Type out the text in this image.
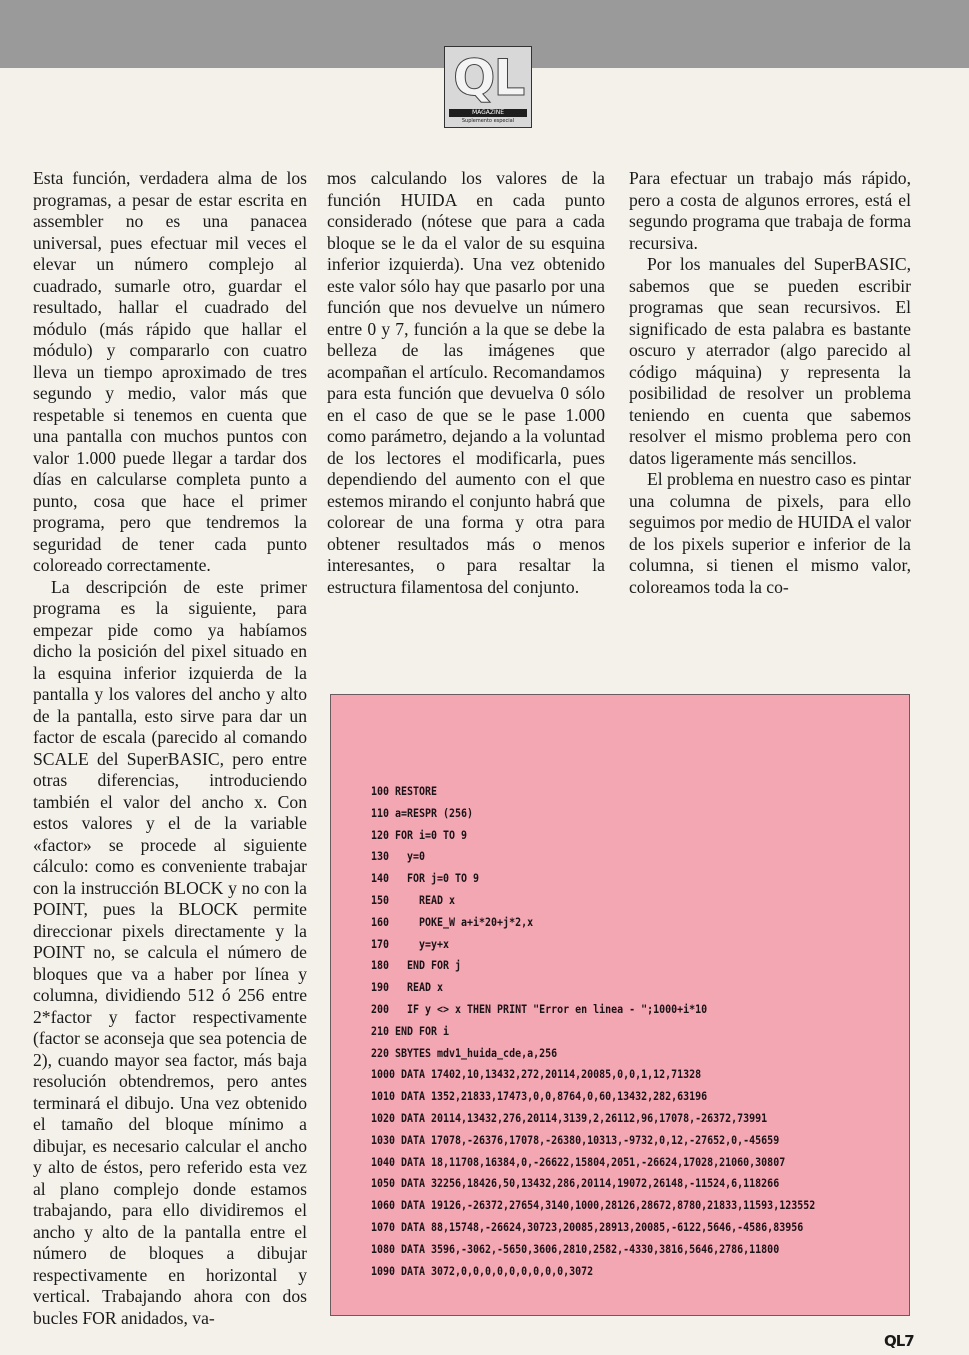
QL
MAGAZINE
Suplemento especial

Esta función, verdadera alma de los programas, a pesar de estar escrita en assembler no es una panacea universal, pues efectuar mil veces el elevar un número complejo al cuadrado, sumarle otro, guardar el resultado, hallar el cuadrado del módulo (más rápido que hallar el módulo) y compararlo con cuatro lleva un tiempo aproximado de tres segundo y medio, valor más que respetable si tenemos en cuenta que una pantalla con muchos puntos con valor 1.000 puede llegar a tardar dos días en calcularse completa punto a punto, cosa que hace el primer programa, pero que tendremos la seguridad de tener cada punto coloreado correctamente.

La descripción de este primer programa es la siguiente, para empezar pide como ya habíamos dicho la posición del pixel situado en la esquina inferior izquierda de la pantalla y los valores del ancho y alto de la pantalla, esto sirve para dar un factor de escala (parecido al comando SCALE del SuperBASIC, pero entre otras diferencias, introduciendo también el valor del ancho x. Con estos valores y el de la variable «factor» se procede al siguiente cálculo: como es conveniente trabajar con la instrucción BLOCK y no con la POINT, pues la BLOCK permite direccionar pixels directamente y la POINT no, se calcula el número de bloques que va a haber por línea y columna, dividiendo 512 ó 256 entre 2*factor y factor respectivamente (factor se aconseja que sea potencia de 2), cuando mayor sea factor, más baja resolución obtendremos, pero antes terminará el dibujo. Una vez obtenido el tamaño del bloque mínimo a dibujar, es necesario calcular el ancho y alto de éstos, pero referido esta vez al plano complejo donde estamos trabajando, para ello dividiremos el ancho y alto de la pantalla entre el número de bloques a dibujar respectivamente en horizontal y vertical. Trabajando ahora con dos bucles FOR anidados, va-

mos calculando los valores de la función HUIDA en cada punto considerado (nótese que para a cada bloque se le da el valor de su esquina inferior izquierda). Una vez obtenido este valor sólo hay que pasarlo por una función que nos devuelve un número entre 0 y 7, función a la que se debe la belleza de las imágenes que acompañan el artículo. Recomandamos para esta función que devuelva 0 sólo en el caso de que se le pase 1.000 como parámetro, dejando a la voluntad de los lectores el modificarla, pues dependiendo del aumento con el que estemos mirando el conjunto habrá que colorear de una forma y otra para obtener resultados más o menos interesantes, o para resaltar la estructura filamentosa del conjunto.

Para efectuar un trabajo más rápido, pero a costa de algunos errores, está el segundo programa que trabaja de forma recursiva.

Por los manuales del SuperBASIC, sabemos que se pueden escribir programas que sean recursivos. El significado de esta palabra es bastante oscuro y aterrador (algo parecido al código máquina) y representa la posibilidad de resolver un problema teniendo en cuenta que sabemos resolver el mismo problema pero con datos ligeramente más sencillos.

El problema en nuestro caso es pintar una columna de pixels, para ello seguimos por medio de HUIDA el valor de los pixels superior e inferior de la columna, si tienen el mismo valor, coloreamos toda la co-

100 RESTORE
110 a=RESPR (256)
120 FOR i=0 TO 9
130   y=0
140   FOR j=0 TO 9
150     READ x
160     POKE_W a+i*20+j*2,x
170     y=y+x
180   END FOR j
190   READ x
200   IF y <> x THEN PRINT "Error en linea - ";1000+i*10
210 END FOR i
220 SBYTES mdv1_huida_cde,a,256
1000 DATA 17402,10,13432,272,20114,20085,0,0,1,12,71328
1010 DATA 1352,21833,17473,0,0,8764,0,60,13432,282,63196
1020 DATA 20114,13432,276,20114,3139,2,26112,96,17078,-26372,73991
1030 DATA 17078,-26376,17078,-26380,10313,-9732,0,12,-27652,0,-45659
1040 DATA 18,11708,16384,0,-26622,15804,2051,-26624,17028,21060,30807
1050 DATA 32256,18426,50,13432,286,20114,19072,26148,-11524,6,118266
1060 DATA 19126,-26372,27654,3140,1000,28126,28672,8780,21833,11593,123552
1070 DATA 88,15748,-26624,30723,20085,28913,20085,-6122,5646,-4586,83956
1080 DATA 3596,-3062,-5650,3606,2810,2582,-4330,3816,5646,2786,11800
1090 DATA 3072,0,0,0,0,0,0,0,0,0,3072
QL7
